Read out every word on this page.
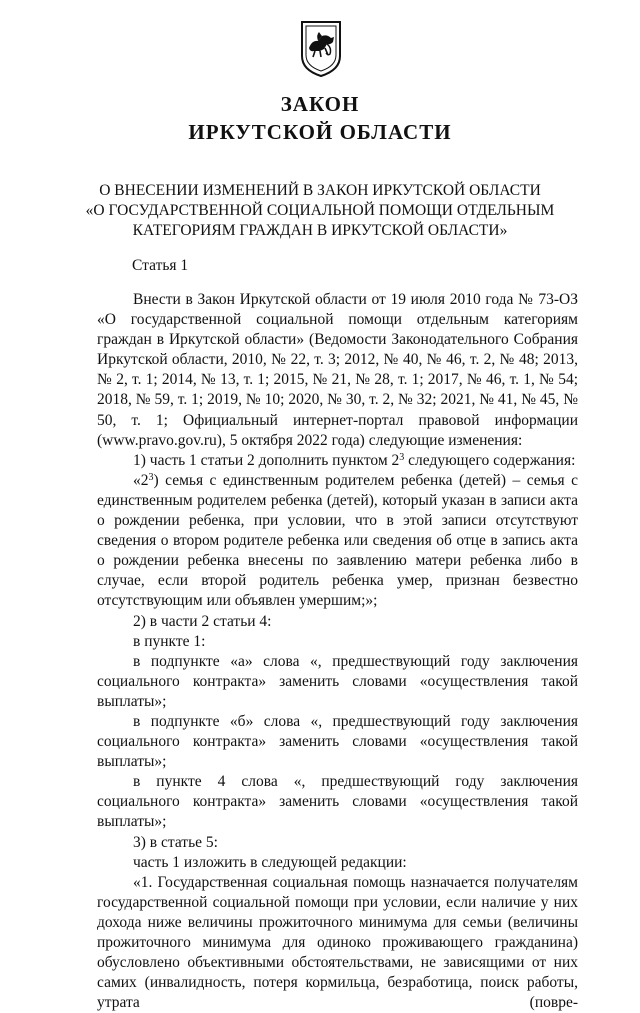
ЗАКОН
ИРКУТСКОЙ ОБЛАСТИ
О ВНЕСЕНИИ ИЗМЕНЕНИЙ В ЗАКОН ИРКУТСКОЙ ОБЛАСТИ
«О ГОСУДАРСТВЕННОЙ СОЦИАЛЬНОЙ ПОМОЩИ ОТДЕЛЬНЫМ
КАТЕГОРИЯМ ГРАЖДАН В ИРКУТСКОЙ ОБЛАСТИ»
Статья 1

Внести в Закон Иркутской области от 19 июля 2010 года № 73-ОЗ «О государственной социальной помощи отдельным категориям граждан в Иркутской области» (Ведомости Законодательного Собрания Иркутской области, 2010, № 22, т. 3; 2012, № 40, № 46, т. 2, № 48; 2013, № 2, т. 1; 2014, № 13, т. 1; 2015, № 21, № 28, т. 1; 2017, № 46, т. 1, № 54; 2018, № 59, т. 1; 2019, № 10; 2020, № 30, т. 2, № 32; 2021, № 41, № 45, № 50, т. 1; Официальный интернет-портал правовой информации (www.pravo.gov.ru), 5 октября 2022 года) следующие изменения:

1) часть 1 статьи 2 дополнить пунктом $2^3$ следующего содержания:

«$2^3$) семья с единственным родителем ребенка (детей) – семья с единственным родителем ребенка (детей), который указан в записи акта о рождении ребенка, при условии, что в этой записи отсутствуют сведения о втором родителе ребенка или сведения об отце в запись акта о рождении ребенка внесены по заявлению матери ребенка либо в случае, если второй родитель ребенка умер, признан безвестно отсутствующим или объявлен умершим;»;

2) в части 2 статьи 4:

в пункте 1:

в подпункте «а» слова «, предшествующий году заключения социального контракта» заменить словами «осуществления такой выплаты»;

в подпункте «б» слова «, предшествующий году заключения социального контракта» заменить словами «осуществления такой выплаты»;

в пункте 4 слова «, предшествующий году заключения социального контракта» заменить словами «осуществления такой выплаты»;

3) в статье 5:

часть 1 изложить в следующей редакции:

«1. Государственная социальная помощь назначается получателям государственной социальной помощи при условии, если наличие у них дохода ниже величины прожиточного минимума для семьи (величины прожиточного минимума для одиноко проживающего гражданина) обусловлено объективными обстоятельствами, не зависящими от них самих (инвалидность, потеря кормильца, безработица, поиск работы, утрата (повре-
